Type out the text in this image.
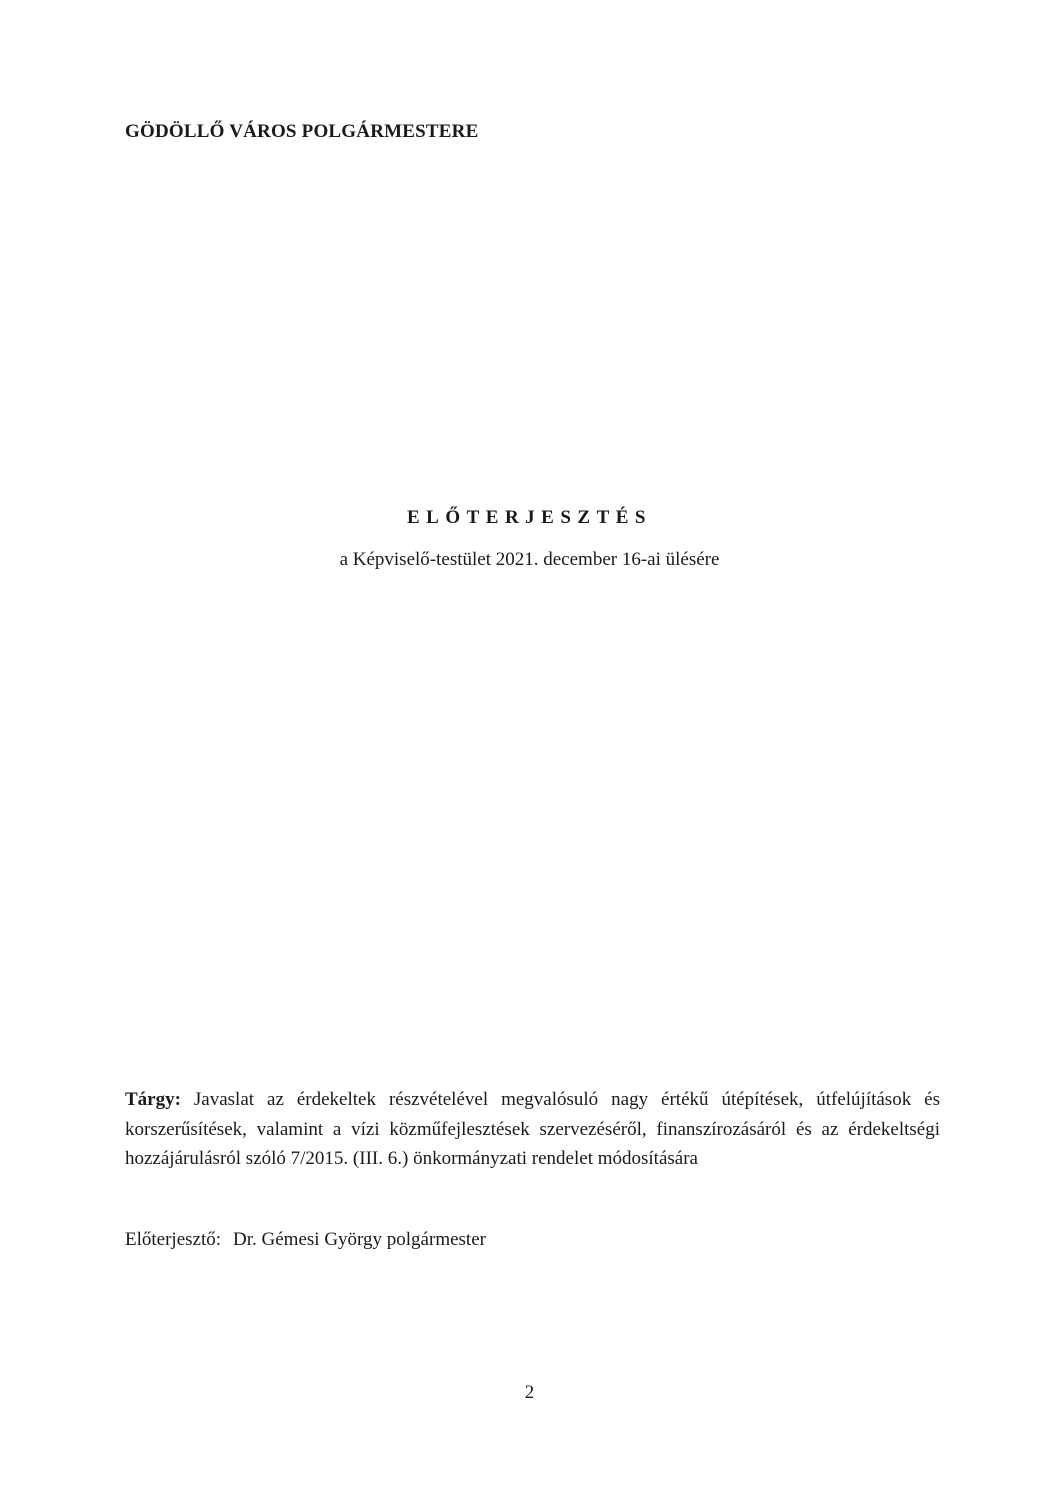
GÖDÖLLŐ VÁROS POLGÁRMESTERE
ELŐTERJESZTÉS
a Képviselő-testület 2021. december 16-ai ülésére
Tárgy: Javaslat az érdekeltek részvételével megvalósuló nagy értékű útépítések, útfelújítások és korszerűsítések, valamint a vízi közműfejlesztések szervezéséről, finanszírozásáról és az érdekeltségi hozzájárulásról szóló 7/2015. (III. 6.) önkormányzati rendelet módosítására
Előterjesztő: Dr. Gémesi György polgármester
2
